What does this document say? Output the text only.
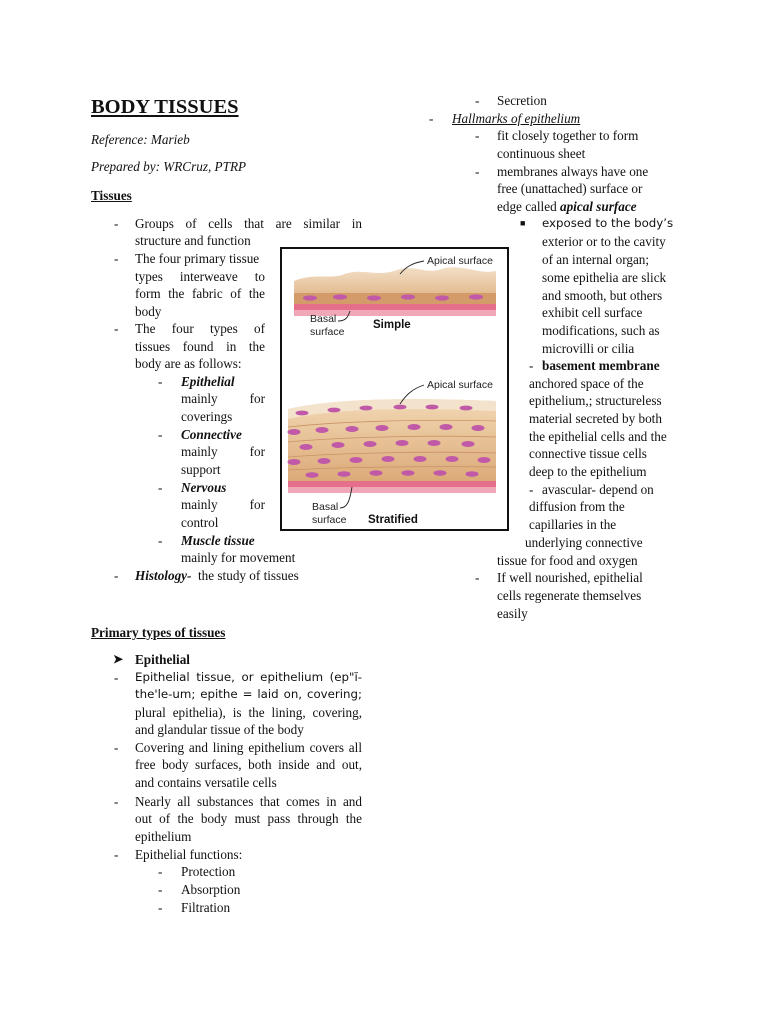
BODY TISSUES
Reference: Marieb
Prepared by: WRCruz, PTRP
Tissues
- Groups of cells that are similar in
structure and function
- The four primary tissue
types interweave to
form the fabric of the
body
- The four types of
tissues found in the
body are as follows:
- Epithelial
mainly for
coverings
- Connective
mainly for
support
- Nervous
mainly for
control
- Muscle tissue
mainly for movement
- Histology- the study of tissues
Primary types of tissues
➤ Epithelial
- Epithelial tissue, or epithelium (ep"ĭ-
the'le-um; epithe = laid on, covering;
plural epithelia), is the lining, covering,
and glandular tissue of the body
- Covering and lining epithelium covers all
free body surfaces, both inside and out,
and contains versatile cells
- Nearly all substances that comes in and
out of the body must pass through the
epithelium
- Epithelial functions:
- Protection
- Absorption
- Filtration
Apical surface
Basal
surface
Simple
Apical surface
Basal
surface Stratified
- Secretion
- Hallmarks of epithelium
- fit closely together to form
continuous sheet
- membranes always have one
free (unattached) surface or
edge called apical surface
■ exposed to the body’s
exterior or to the cavity
of an internal organ;
some epithelia are slick
and smooth, but others
exhibit cell surface
modifications, such as
microvilli or cilia
- basement membrane
anchored space of the
epithelium,; structureless
material secreted by both
the epithelial cells and the
connective tissue cells
deep to the epithelium
- avascular- depend on
diffusion from the
capillaries in the
underlying connective
tissue for food and oxygen
- If well nourished, epithelial
cells regenerate themselves
easily
